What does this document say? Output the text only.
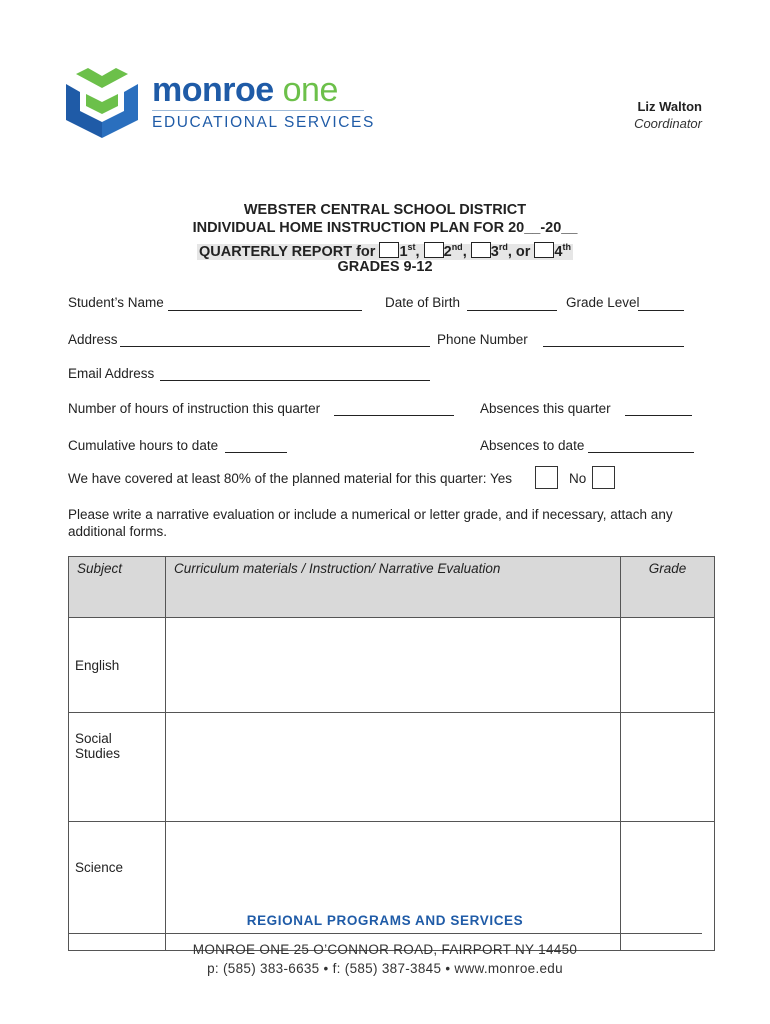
monroe one
EDUCATIONAL SERVICES
Liz Walton
Coordinator
WEBSTER CENTRAL SCHOOL DISTRICT
INDIVIDUAL HOME INSTRUCTION PLAN FOR 20__-20__
QUARTERLY REPORT for 1st, 2nd, 3rd, or 4th
GRADES 9-12
Student’s Name	Date of Birth	Grade Level
Address	Phone Number
Email Address
Number of hours of instruction this quarter	Absences this quarter
Cumulative hours to date	Absences to date
We have covered at least 80% of the planned material for this quarter: Yes	No
Please write a narrative evaluation or include a numerical or letter grade, and if necessary, attach any
additional forms.
Subject	Curriculum materials / Instruction/ Narrative Evaluation	Grade
English		
Social Studies		
Science		
REGIONAL PROGRAMS AND SERVICES
MONROE ONE 25 O’CONNOR ROAD, FAIRPORT NY 14450
p: (585) 383-6635 • f: (585) 387-3845 • www.monroe.edu
